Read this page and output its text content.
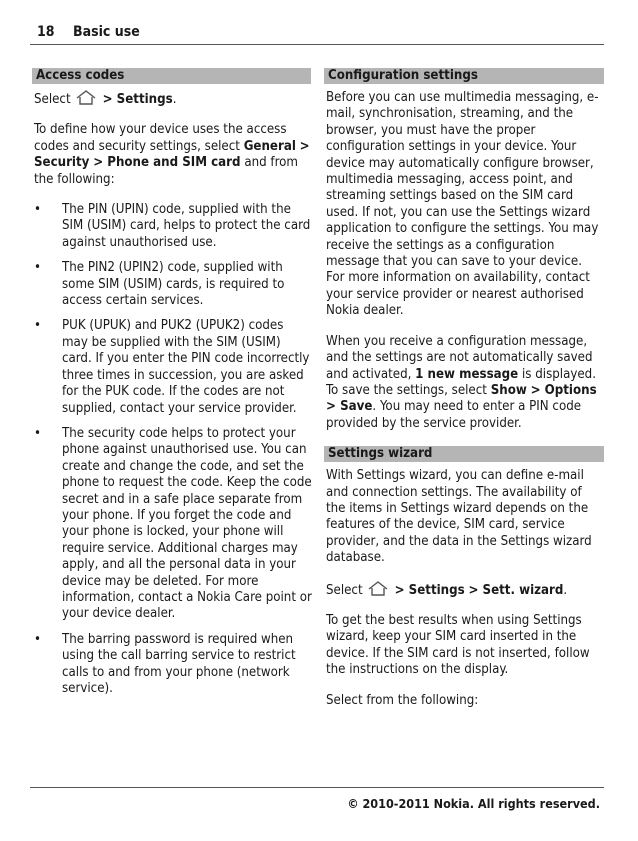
18 Basic use
Access codes

Select > Settings.

To define how your device uses the access codes and security settings, select General > Security > Phone and SIM card and from the following:

• The PIN (UPIN) code, supplied with the SIM (USIM) card, helps to protect the card against unauthorised use.
• The PIN2 (UPIN2) code, supplied with some SIM (USIM) cards, is required to access certain services.
• PUK (UPUK) and PUK2 (UPUK2) codes may be supplied with the SIM (USIM) card. If you enter the PIN code incorrectly three times in succession, you are asked for the PUK code. If the codes are not supplied, contact your service provider.
• The security code helps to protect your phone against unauthorised use. You can create and change the code, and set the phone to request the code. Keep the code secret and in a safe place separate from your phone. If you forget the code and your phone is locked, your phone will require service. Additional charges may apply, and all the personal data in your device may be deleted. For more information, contact a Nokia Care point or your device dealer.
• The barring password is required when using the call barring service to restrict calls to and from your phone (network service).
Configuration settings

Before you can use multimedia messaging, e-mail, synchronisation, streaming, and the browser, you must have the proper configuration settings in your device. Your device may automatically configure browser, multimedia messaging, access point, and streaming settings based on the SIM card used. If not, you can use the Settings wizard application to configure the settings. You may receive the settings as a configuration message that you can save to your device. For more information on availability, contact your service provider or nearest authorised Nokia dealer.

When you receive a configuration message, and the settings are not automatically saved and activated, 1 new message is displayed. To save the settings, select Show > Options > Save. You may need to enter a PIN code provided by the service provider.

Settings wizard

With Settings wizard, you can define e-mail and connection settings. The availability of the items in Settings wizard depends on the features of the device, SIM card, service provider, and the data in the Settings wizard database.

Select > Settings > Sett. wizard.

To get the best results when using Settings wizard, keep your SIM card inserted in the device. If the SIM card is not inserted, follow the instructions on the display.

Select from the following:

© 2010-2011 Nokia. All rights reserved.
